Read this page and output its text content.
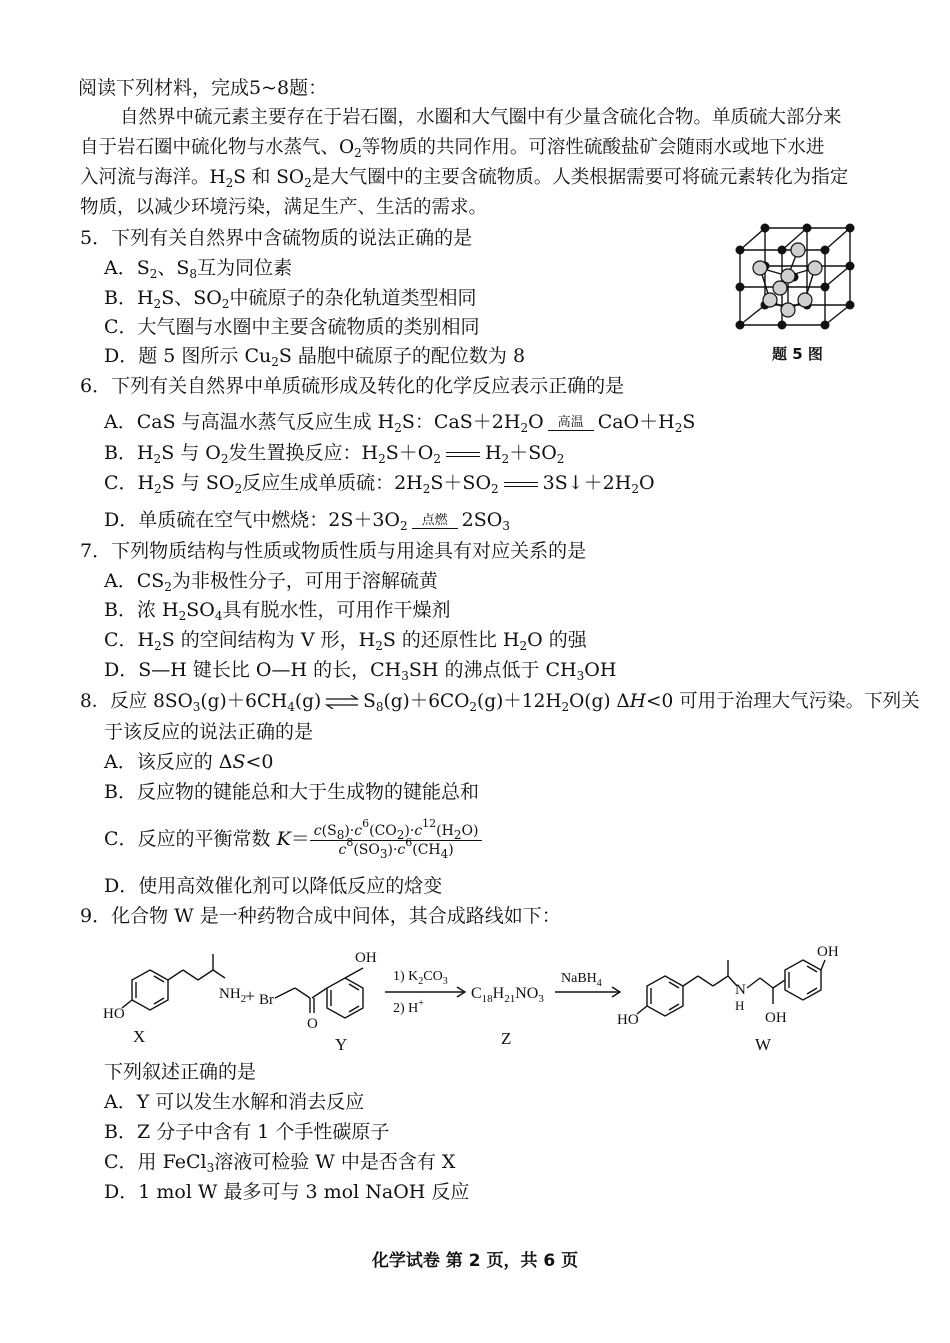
阅读下列材料，完成5~8题：
自然界中硫元素主要存在于岩石圈，水圈和大气圈中有少量含硫化合物。单质硫大部分来
自于岩石圈中硫化物与水蒸气、$O_2$等物质的共同作用。可溶性硫酸盐矿会随雨水或地下水进
入河流与海洋。$H_2S$ 和 $SO_2$是大气圈中的主要含硫物质。人类根据需要可将硫元素转化为指定
物质，以减少环境污染，满足生产、生活的需求。
题 5 图
5．下列有关自然界中含硫物质的说法正确的是
A．$S_2$、$S_8$互为同位素
B．$H_2S$、$SO_2$中硫原子的杂化轨道类型相同
C．大气圈与水圈中主要含硫物质的类别相同
D．题 5 图所示 $Cu_2S$ 晶胞中硫原子的配位数为 8
6．下列有关自然界中单质硫形成及转化的化学反应表示正确的是
A．CaS 与高温水蒸气反应生成 $H_2S$：$CaS+2H_2O$	高温 $CaO+H_2S$
B．$H_2S$ 与 $O_2$发生置换反应：$H_2S+O_2$ $H_2+SO_2$
C．$H_2S$ 与 $SO_2$反应生成单质硫：$2H_2S+SO_2$ $3S↓+2H_2O$
D．单质硫在空气中燃烧：$2S+3O_2$	点燃 $2SO_3$
7．下列物质结构与性质或物质性质与用途具有对应关系的是
A．$CS_2$为非极性分子，可用于溶解硫黄
B．浓 $H_2SO_4$具有脱水性，可用作干燥剂
C．$H_2S$ 的空间结构为 V 形，$H_2S$ 的还原性比 $H_2O$ 的强
D．S—H 键长比 O—H 的长，$CH_3SH$ 的沸点低于 $CH_3OH$
8．反应 $8SO_3(g)+6CH_4(g)$ ⇌ $S_8(g)+6CO_2(g)+12H_2O(g)$ ΔH<0 可用于治理大气污染。下列关
于该反应的说法正确的是
A．该反应的 ΔS<0
B．反应物的键能总和大于生成物的键能总和
C．反应的平衡常数 $K= \frac{c(S_8)\cdot c^6(CO_2)\cdot c^{12}(H_2O)}{c^8(SO_3)\cdot c^6(CH_4)}$
D．使用高效催化剂可以降低反应的焓变
9．化合物 W 是一种药物合成中间体，其合成路线如下：
HO
$NH_2$
+ Br
O
OH
1) $K_2CO_3$
2) H+
$C_{18}H_{21}NO_3$
NaBH$_4$
HO
N
H
OH
OH
X	Y	Z	W
下列叙述正确的是
A．Y 可以发生水解和消去反应
B．Z 分子中含有 1 个手性碳原子
C．用 FeCl$_3$溶液可检验 W 中是否含有 X
D．1 mol W 最多可与 3 mol NaOH 反应
化学试卷 第 2 页，共 6 页
